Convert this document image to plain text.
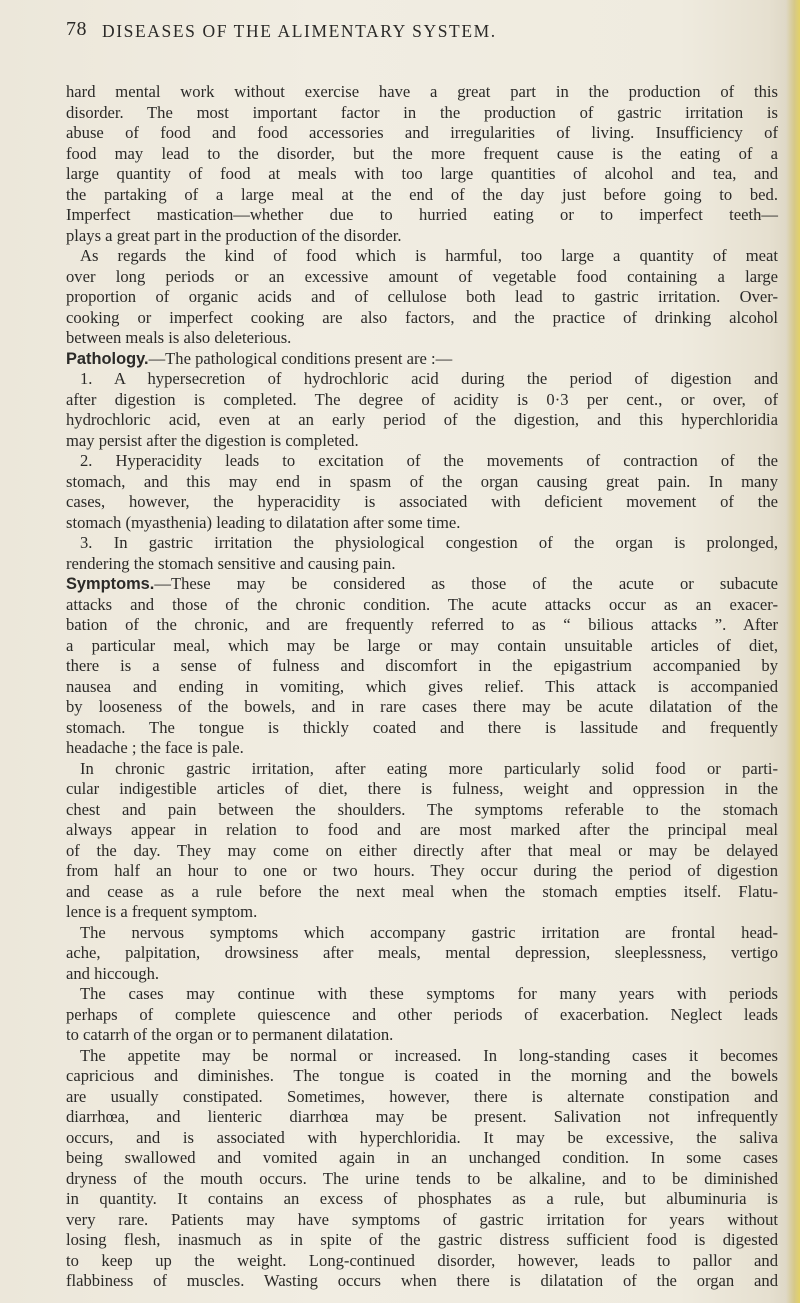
78 DISEASES OF THE ALIMENTARY SYSTEM.
hard mental work without exercise have a great part in the production of this
disorder. The most important factor in the production of gastric irritation is
abuse of food and food accessories and irregularities of living. Insufficiency of
food may lead to the disorder, but the more frequent cause is the eating of a
large quantity of food at meals with too large quantities of alcohol and tea, and
the partaking of a large meal at the end of the day just before going to bed.
Imperfect mastication—whether due to hurried eating or to imperfect teeth—
plays a great part in the production of the disorder.
As regards the kind of food which is harmful, too large a quantity of meat
over long periods or an excessive amount of vegetable food containing a large
proportion of organic acids and of cellulose both lead to gastric irritation. Over-
cooking or imperfect cooking are also factors, and the practice of drinking alcohol
between meals is also deleterious.
Pathology.—The pathological conditions present are :—
1. A hypersecretion of hydrochloric acid during the period of digestion and
after digestion is completed. The degree of acidity is 0·3 per cent., or over, of
hydrochloric acid, even at an early period of the digestion, and this hyperchloridia
may persist after the digestion is completed.
2. Hyperacidity leads to excitation of the movements of contraction of the
stomach, and this may end in spasm of the organ causing great pain. In many
cases, however, the hyperacidity is associated with deficient movement of the
stomach (myasthenia) leading to dilatation after some time.
3. In gastric irritation the physiological congestion of the organ is prolonged,
rendering the stomach sensitive and causing pain.
Symptoms.—These may be considered as those of the acute or subacute
attacks and those of the chronic condition. The acute attacks occur as an exacer-
bation of the chronic, and are frequently referred to as “ bilious attacks ”. After
a particular meal, which may be large or may contain unsuitable articles of diet,
there is a sense of fulness and discomfort in the epigastrium accompanied by
nausea and ending in vomiting, which gives relief. This attack is accompanied
by looseness of the bowels, and in rare cases there may be acute dilatation of the
stomach. The tongue is thickly coated and there is lassitude and frequently
headache ; the face is pale.
In chronic gastric irritation, after eating more particularly solid food or parti-
cular indigestible articles of diet, there is fulness, weight and oppression in the
chest and pain between the shoulders. The symptoms referable to the stomach
always appear in relation to food and are most marked after the principal meal
of the day. They may come on either directly after that meal or may be delayed
from half an hour to one or two hours. They occur during the period of digestion
and cease as a rule before the next meal when the stomach empties itself. Flatu-
lence is a frequent symptom.
The nervous symptoms which accompany gastric irritation are frontal head-
ache, palpitation, drowsiness after meals, mental depression, sleeplessness, vertigo
and hiccough.
The cases may continue with these symptoms for many years with periods
perhaps of complete quiescence and other periods of exacerbation. Neglect leads
to catarrh of the organ or to permanent dilatation.
The appetite may be normal or increased. In long-standing cases it becomes
capricious and diminishes. The tongue is coated in the morning and the bowels
are usually constipated. Sometimes, however, there is alternate constipation and
diarrhœa, and lienteric diarrhœa may be present. Salivation not infrequently
occurs, and is associated with hyperchloridia. It may be excessive, the saliva
being swallowed and vomited again in an unchanged condition. In some cases
dryness of the mouth occurs. The urine tends to be alkaline, and to be diminished
in quantity. It contains an excess of phosphates as a rule, but albuminuria is
very rare. Patients may have symptoms of gastric irritation for years without
losing flesh, inasmuch as in spite of the gastric distress sufficient food is digested
to keep up the weight. Long-continued disorder, however, leads to pallor and
flabbiness of muscles. Wasting occurs when there is dilatation of the organ and
